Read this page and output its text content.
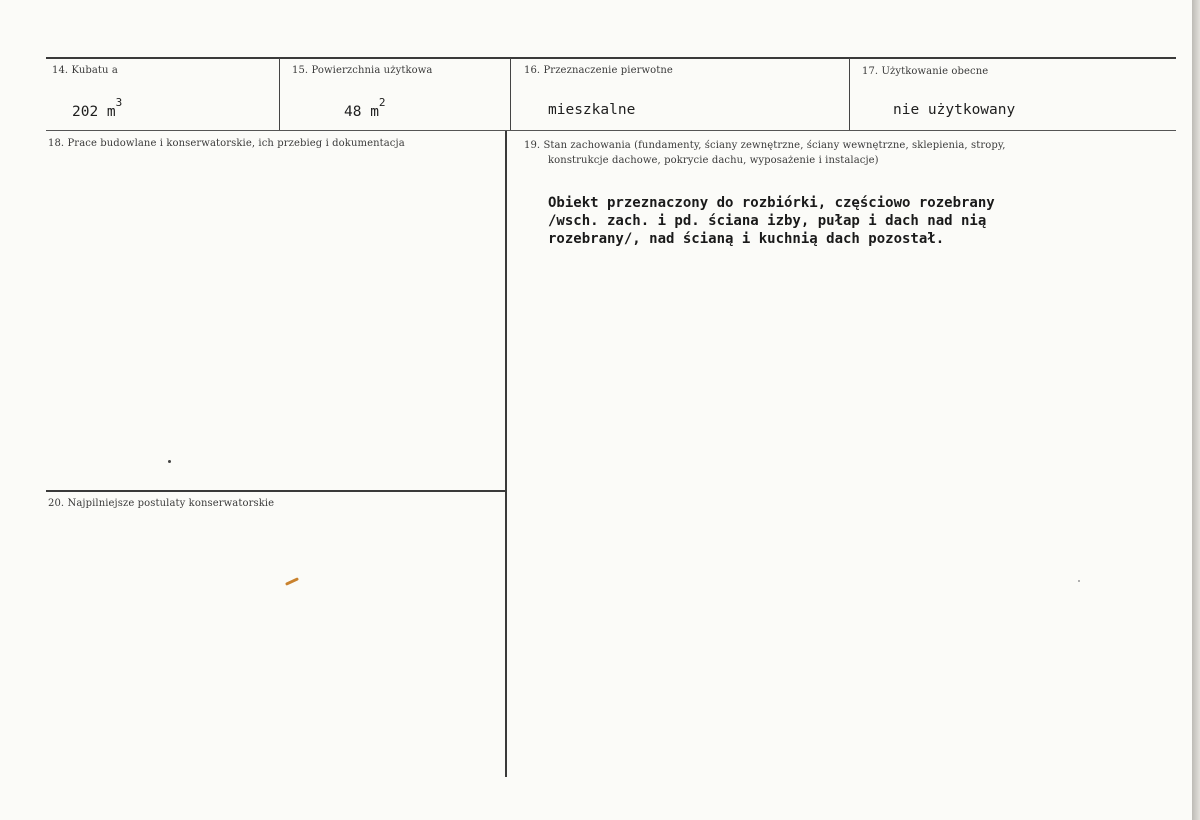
14. Kubatu a
202 $m^3$
15. Powierzchnia użytkowa
48 $m^2$
16. Przeznaczenie pierwotne
mieszkalne
17. Użytkowanie obecne
nie użytkowany
18. Prace budowlane i konserwatorskie, ich przebieg i dokumentacja	19. Stan zachowania (fundamenty, ściany zewnętrzne, ściany wewnętrzne, sklepienia, stropy,
konstrukcje dachowe, pokrycie dachu, wyposażenie i instalacje)
Obiekt przeznaczony do rozbiórki, częściowo rozebrany
/wsch. zach. i pd. ściana izby, pułap i dach nad nią
rozebrany/, nad ścianą i kuchnią dach pozostał.
20. Najpilniejsze postulaty konserwatorskie
